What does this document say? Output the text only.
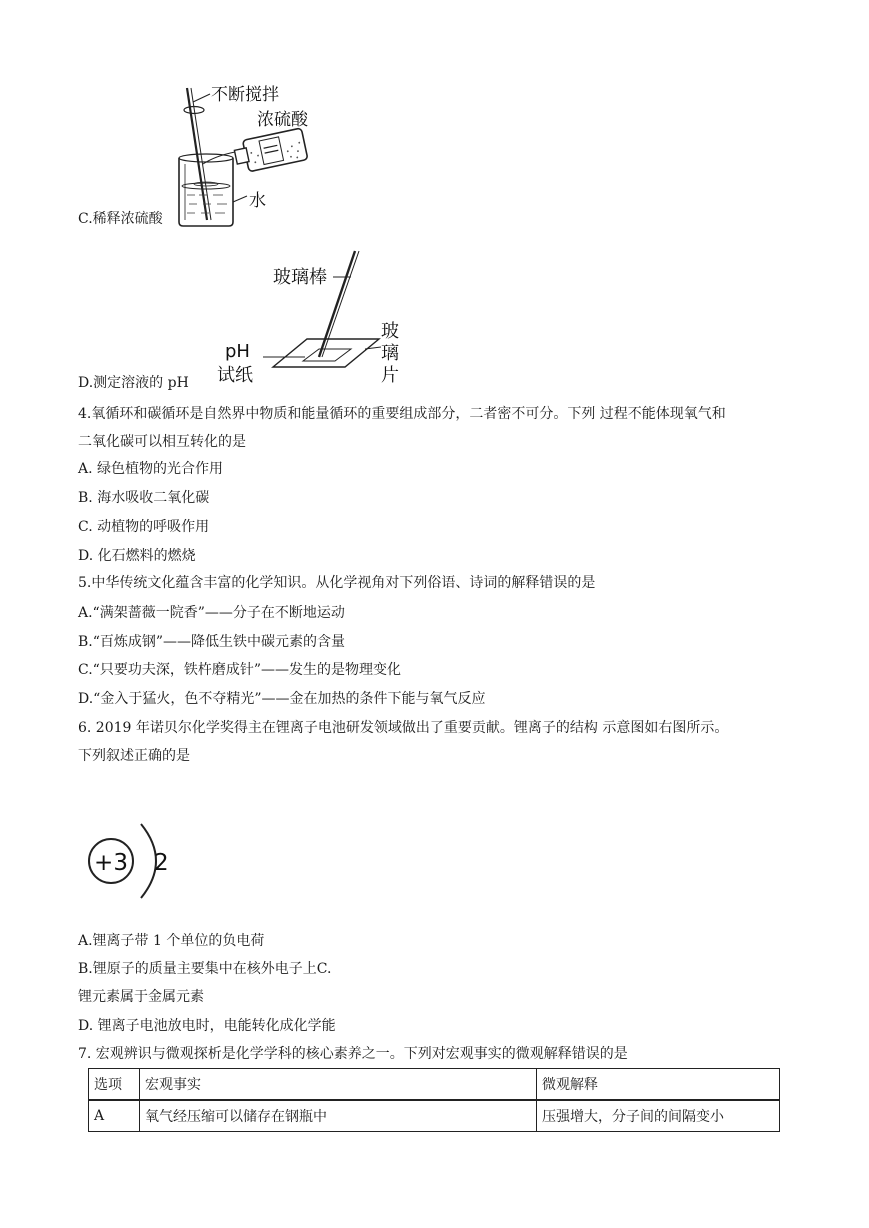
不断搅拌
浓硫酸
水
C.稀释浓硫酸
玻璃棒
玻
璃
片
pH
试纸
D.测定溶液的 pH
4.氧循环和碳循环是自然界中物质和能量循环的重要组成部分，二者密不可分。下列 过程不能体现氧气和
二氧化碳可以相互转化的是
A. 绿色植物的光合作用
B. 海水吸收二氧化碳
C. 动植物的呼吸作用
D. 化石燃料的燃烧
5.中华传统文化蕴含丰富的化学知识。从化学视角对下列俗语、诗词的解释错误的是
A.“满架蔷薇一院香”——分子在不断地运动
B.“百炼成钢”——降低生铁中碳元素的含量
C.“只要功夫深，铁杵磨成针”——发生的是物理变化
D.“金入于猛火，色不夺精光”——金在加热的条件下能与氧气反应
6. 2019 年诺贝尔化学奖得主在锂离子电池研发领域做出了重要贡献。锂离子的结构 示意图如右图所示。
下列叙述正确的是
+3 2
A.锂离子带 1 个单位的负电荷
B.锂原子的质量主要集中在核外电子上C.
锂元素属于金属元素
D. 锂离子电池放电时，电能转化成化学能
7. 宏观辨识与微观探析是化学学科的核心素养之一。下列对宏观事实的微观解释错误的是
选项	宏观事实	微观解释
A	氧气经压缩可以储存在钢瓶中	压强增大，分子间的间隔变小
